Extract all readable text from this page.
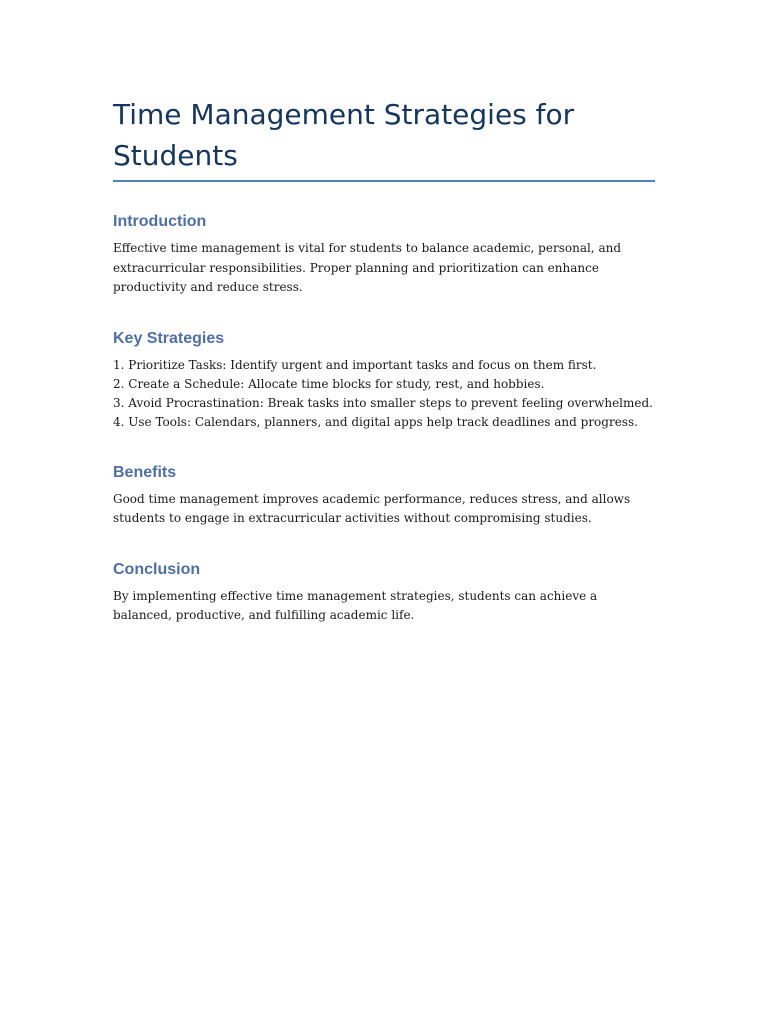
Time Management Strategies for Students
Introduction

Effective time management is vital for students to balance academic, personal, and extracurricular responsibilities. Proper planning and prioritization can enhance productivity and reduce stress.

Key Strategies
1. Prioritize Tasks: Identify urgent and important tasks and focus on them first.
2. Create a Schedule: Allocate time blocks for study, rest, and hobbies.
3. Avoid Procrastination: Break tasks into smaller steps to prevent feeling overwhelmed.
4. Use Tools: Calendars, planners, and digital apps help track deadlines and progress.
Benefits

Good time management improves academic performance, reduces stress, and allows students to engage in extracurricular activities without compromising studies.

Conclusion

By implementing effective time management strategies, students can achieve a balanced, productive, and fulfilling academic life.
